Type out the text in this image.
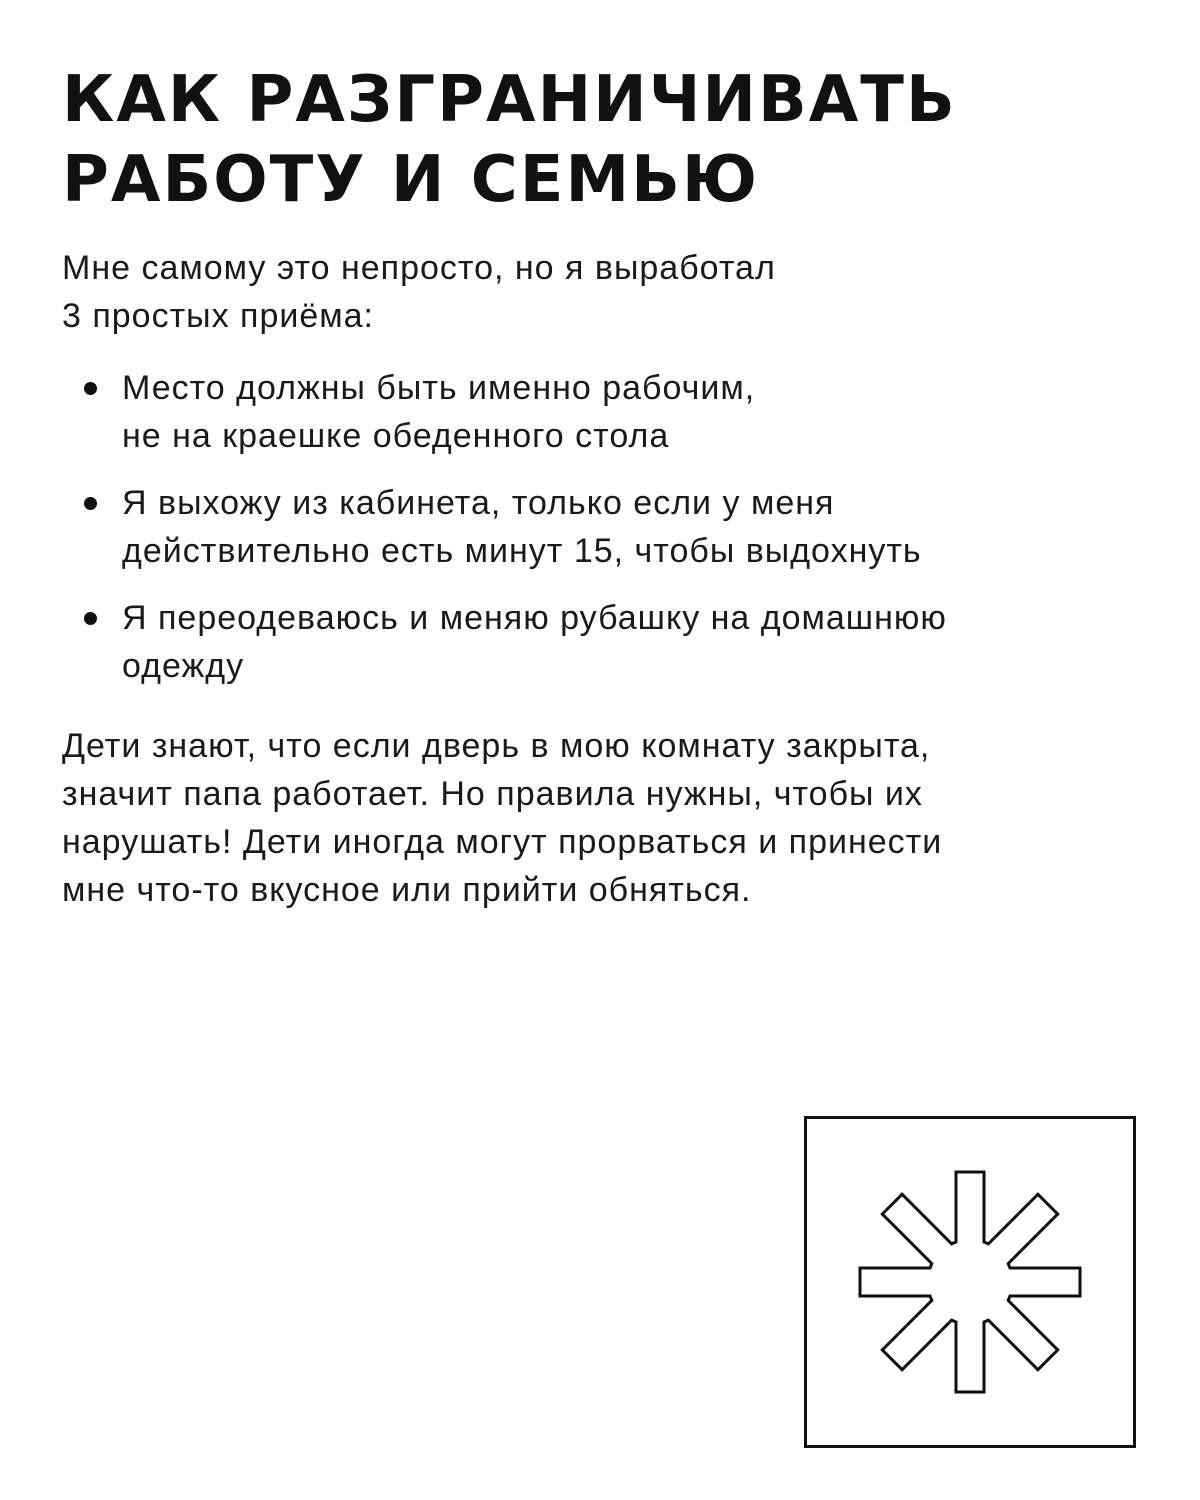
КАК РАЗГРАНИЧИВАТЬ
РАБОТУ И СЕМЬЮ

Мне самому это непросто, но я выработал
3 простых приёма:

Место должны быть именно рабочим,
не на краешке обеденного стола
Я выхожу из кабинета, только если у меня
действительно есть минут 15, чтобы выдохнуть
Я переодеваюсь и меняю рубашку на домашнюю
одежду

Дети знают, что если дверь в мою комнату закрыта,
значит папа работает. Но правила нужны, чтобы их
нарушать! Дети иногда могут прорваться и принести
мне что-то вкусное или прийти обняться.
